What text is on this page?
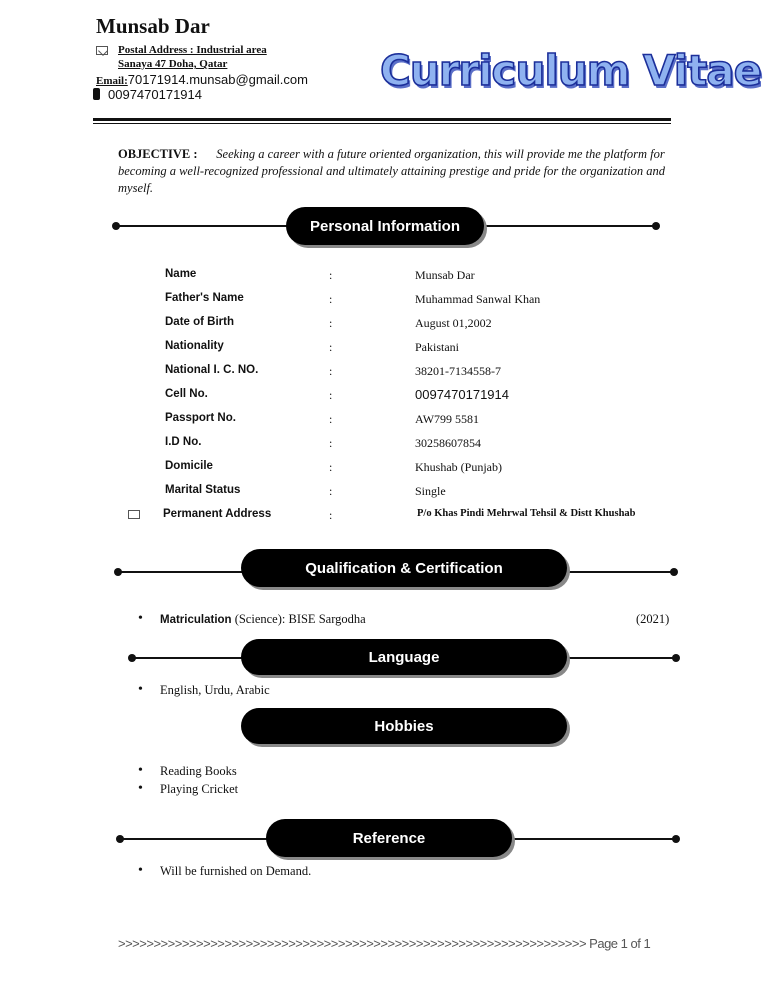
Munsab Dar
Postal Address : Industrial area
Sanaya 47 Doha, Qatar
Email:70171914.munsab@gmail.com
0097470171914	Curriculum Vitae
OBJECTIVE : Seeking a career with a future oriented organization, this will provide me the platform for becoming a well-recognized professional and ultimately attaining prestige and pride for the organization and myself.
Personal Information
Name	:	Munsab Dar
Father's Name	:	Muhammad Sanwal Khan
Date of Birth	:	August 01,2002
Nationality	:	Pakistani
National I. C. NO.	:	38201-7134558-7
Cell No.	:	0097470171914
Passport No.	:	AW799 5581
I.D No.	:	30258607854
Domicile	:	Khushab (Punjab)
Marital Status	:	Single
Permanent Address	:	P/o Khas Pindi Mehrwal Tehsil & Distt Khushab
Qualification & Certification
• Matriculation (Science): BISE Sargodha	(2021)
Language
• English, Urdu, Arabic
Hobbies
• Reading Books
• Playing Cricket
Reference
• Will be furnished on Demand.
>>>>>>>>>>>>>>>>>>>>>>>>>>>>>>>>>>>>>>>>>>>>>>>>>>>>>>>>>>>>>>>>>> Page 1 of 1
